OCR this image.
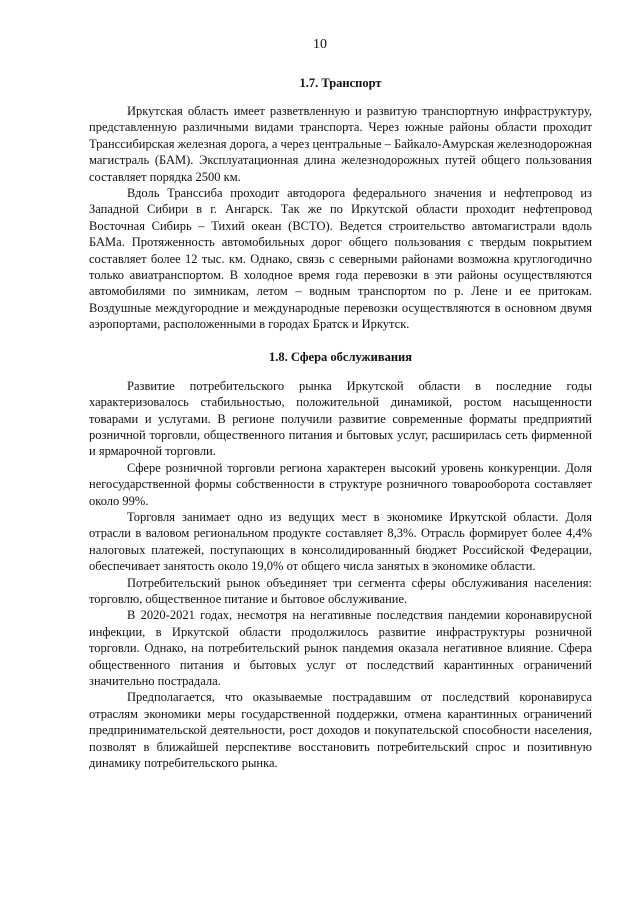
10
1.7. Транспорт

Иркутская область имеет разветвленную и развитую транспортную инфраструктуру, представленную различными видами транспорта. Через южные районы области проходит Транссибирская железная дорога, а через центральные – Байкало-Амурская железнодорожная магистраль (БАМ). Эксплуатационная длина железнодорожных путей общего пользования составляет порядка 2500 км.

Вдоль Транссиба проходит автодорога федерального значения и нефтепровод из Западной Сибири в г. Ангарск. Так же по Иркутской области проходит нефтепровод Восточная Сибирь – Тихий океан (ВСТО). Ведется строительство автомагистрали вдоль БАМа. Протяженность автомобильных дорог общего пользования с твердым покрытием составляет более 12 тыс. км. Однако, связь с северными районами возможна круглогодично только авиатранспортом. В холодное время года перевозки в эти районы осуществляются автомобилями по зимникам, летом – водным транспортом по р. Лене и ее притокам. Воздушные междугородние и международные перевозки осуществляются в основном двумя аэропортами, расположенными в городах Братск и Иркутск.

1.8. Сфера обслуживания

Развитие потребительского рынка Иркутской области в последние годы характеризовалось стабильностью, положительной динамикой, ростом насыщенности товарами и услугами. В регионе получили развитие современные форматы предприятий розничной торговли, общественного питания и бытовых услуг, расширилась сеть фирменной и ярмарочной торговли.

Сфере розничной торговли региона характерен высокий уровень конкуренции. Доля негосударственной формы собственности в структуре розничного товарооборота составляет около 99%.

Торговля занимает одно из ведущих мест в экономике Иркутской области. Доля отрасли в валовом региональном продукте составляет 8,3%. Отрасль формирует более 4,4% налоговых платежей, поступающих в консолидированный бюджет Российской Федерации, обеспечивает занятость около 19,0% от общего числа занятых в экономике области.

Потребительский рынок объединяет три сегмента сферы обслуживания населения: торговлю, общественное питание и бытовое обслуживание.

В 2020-2021 годах, несмотря на негативные последствия пандемии коронавирусной инфекции, в Иркутской области продолжилось развитие инфраструктуры розничной торговли. Однако, на потребительский рынок пандемия оказала негативное влияние. Сфера общественного питания и бытовых услуг от последствий карантинных ограничений значительно пострадала.

Предполагается, что оказываемые пострадавшим от последствий коронавируса отраслям экономики меры государственной поддержки, отмена карантинных ограничений предпринимательской деятельности, рост доходов и покупательской способности населения, позволят в ближайшей перспективе восстановить потребительский спрос и позитивную динамику потребительского рынка.
